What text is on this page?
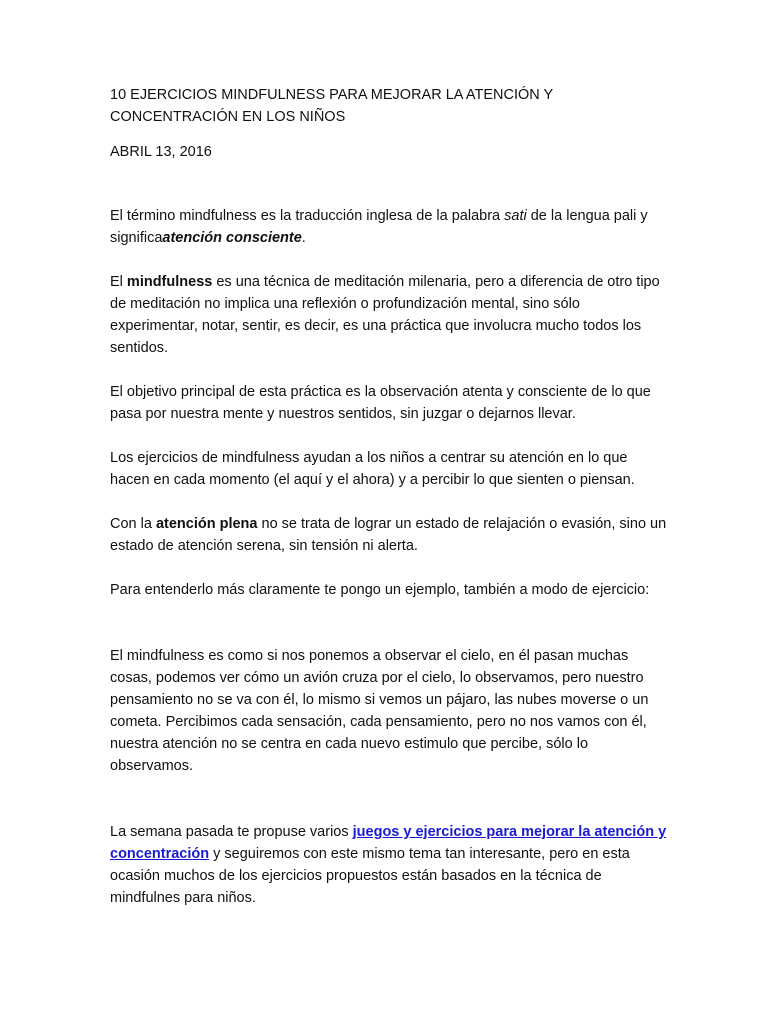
10 EJERCICIOS MINDFULNESS PARA MEJORAR LA ATENCIÓN Y
CONCENTRACIÓN EN LOS NIÑOS

ABRIL 13, 2016

El término mindfulness es la traducción inglesa de la palabra sati de la lengua pali y significaatención consciente.

El mindfulness es una técnica de meditación milenaria, pero a diferencia de otro tipo de meditación no implica una reflexión o profundización mental, sino sólo experimentar, notar, sentir, es decir, es una práctica que involucra mucho todos los sentidos.

El objetivo principal de esta práctica es la observación atenta y consciente de lo que pasa por nuestra mente y nuestros sentidos, sin juzgar o dejarnos llevar.

Los ejercicios de mindfulness ayudan a los niños a centrar su atención en lo que hacen en cada momento (el aquí y el ahora) y a percibir lo que sienten o piensan.

Con la atención plena no se trata de lograr un estado de relajación o evasión, sino un estado de atención serena, sin tensión ni alerta.

Para entenderlo más claramente te pongo un ejemplo, también a modo de ejercicio:

El mindfulness es como si nos ponemos a observar el cielo, en él pasan muchas cosas, podemos ver cómo un avión cruza por el cielo, lo observamos, pero nuestro pensamiento no se va con él, lo mismo si vemos un pájaro, las nubes moverse o un cometa. Percibimos cada sensación, cada pensamiento, pero no nos vamos con él, nuestra atención no se centra en cada nuevo estimulo que percibe, sólo lo observamos.

La semana pasada te propuse varios juegos y ejercicios para mejorar la atención y concentración y seguiremos con este mismo tema tan interesante, pero en esta ocasión muchos de los ejercicios propuestos están basados en la técnica de mindfulnes para niños.
